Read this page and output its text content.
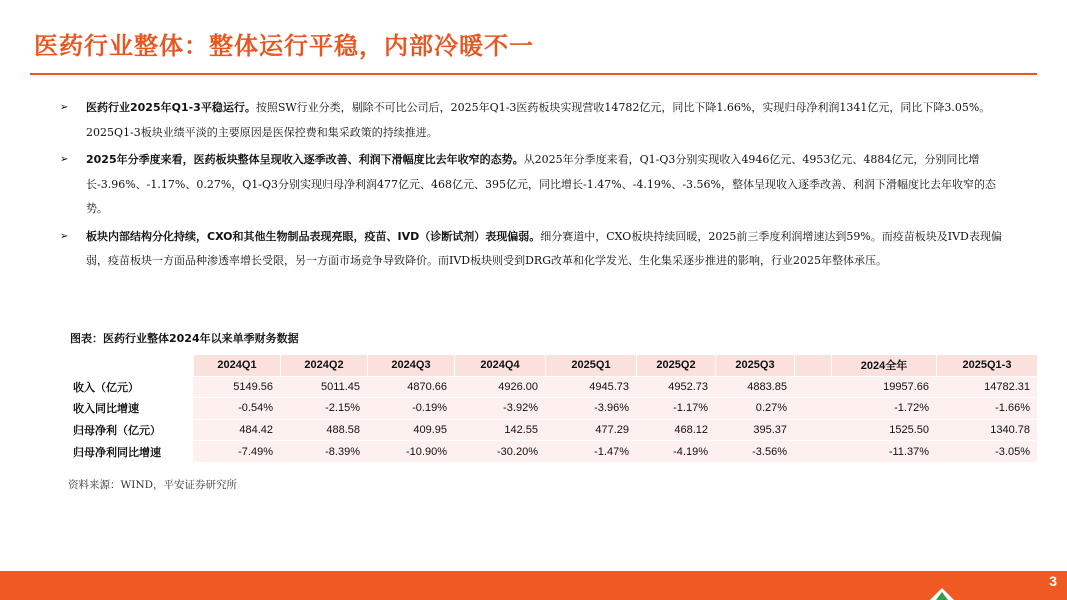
医药行业整体：整体运行平稳，内部冷暖不一
➢ 医药行业2025年Q1-3平稳运行。按照SW行业分类，剔除不可比公司后，2025年Q1-3医药板块实现营收14782亿元，同比下降1.66%，实现归母净利润1341亿元，同比下降3.05%。2025Q1-3板块业绩平淡的主要原因是医保控费和集采政策的持续推进。
➢ 2025年分季度来看，医药板块整体呈现收入逐季改善、利润下滑幅度比去年收窄的态势。从2025年分季度来看，Q1-Q3分别实现收入4946亿元、4953亿元、4884亿元，分别同比增长-3.96%、-1.17%、0.27%，Q1-Q3分别实现归母净利润477亿元、468亿元、395亿元，同比增长-1.47%、-4.19%、-3.56%，整体呈现收入逐季改善、利润下滑幅度比去年收窄的态势。
➢ 板块内部结构分化持续，CXO和其他生物制品表现亮眼，疫苗、IVD（诊断试剂）表现偏弱。细分赛道中，CXO板块持续回暖，2025前三季度利润增速达到59%。而疫苗板块及IVD表现偏弱，疫苗板块一方面品种渗透率增长受限，另一方面市场竞争导致降价。而IVD板块则受到DRG改革和化学发光、生化集采逐步推进的影响，行业2025年整体承压。
图表：医药行业整体2024年以来单季财务数据
	2024Q1	2024Q2	2024Q3	2024Q4	2025Q1	2025Q2	2025Q3		2024全年	2025Q1-3
收入（亿元）	5149.56	5011.45	4870.66	4926.00	4945.73	4952.73	4883.85		19957.66	14782.31
收入同比增速	-0.54%	-2.15%	-0.19%	-3.92%	-3.96%	-1.17%	0.27%		-1.72%	-1.66%
归母净利（亿元）	484.42	488.58	409.95	142.55	477.29	468.12	395.37		1525.50	1340.78
归母净利同比增速	-7.49%	-8.39%	-10.90%	-30.20%	-1.47%	-4.19%	-3.56%		-11.37%	-3.05%
资料来源：WIND，平安证券研究所
3
